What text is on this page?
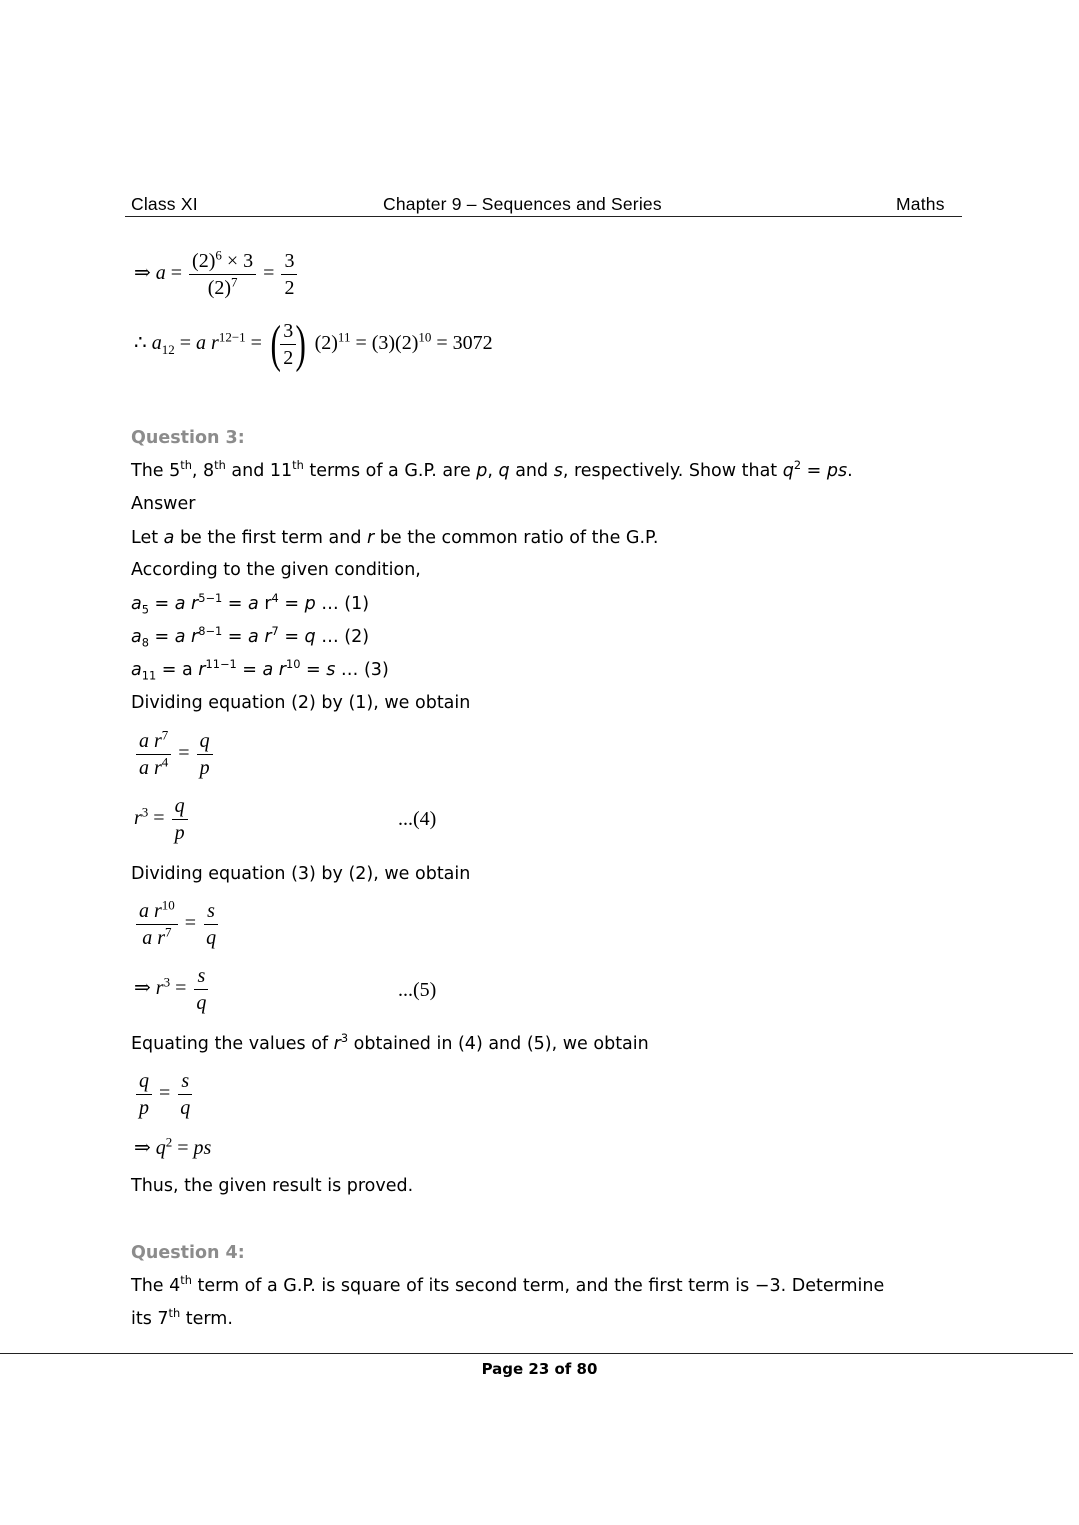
Class XI	Chapter 9 – Sequences and Series	Maths
⇒ $a = \frac{(2)^6 \times 3}{(2)^7} = \frac{3}{2}$
∴ $a_{12} = a$ $r^{12-1}$ = ( $\frac{3}{2}$ ) $(2)^{11} = (3)(2)^{10} = 3072$
Question 3:
The 5th, 8th and 11th terms of a G.P. are p, q and s, respectively. Show that $q^2$ = ps.
Answer
Let a be the first term and r be the common ratio of the G.P.
According to the given condition,
$a_5 = a$ $r^{5-1} = a$ $r^4 = p$ … (1)
$a_8 = a$ $r^{8-1} = a$ $r^7 = q$ … (2)
$a_{11} = a$ $r^{11-1} = a$ $r^{10} = s$ … (3)
Dividing equation (2) by (1), we obtain
$\frac{a r^7}{a r^4} = \frac{q}{p}$
$r^3 = \frac{q}{p}$	...(4)
Dividing equation (3) by (2), we obtain
$\frac{a r^{10}}{a r^7} = \frac{s}{q}$
⇒ $r^3 = \frac{s}{q}$	...(5)
Equating the values of $r^3$ obtained in (4) and (5), we obtain
$\frac{q}{p} = \frac{s}{q}$
⇒ $q^2$ = ps
Thus, the given result is proved.
Question 4:
The 4th term of a G.P. is square of its second term, and the first term is −3. Determine
its 7th term.
Page 23 of 80
